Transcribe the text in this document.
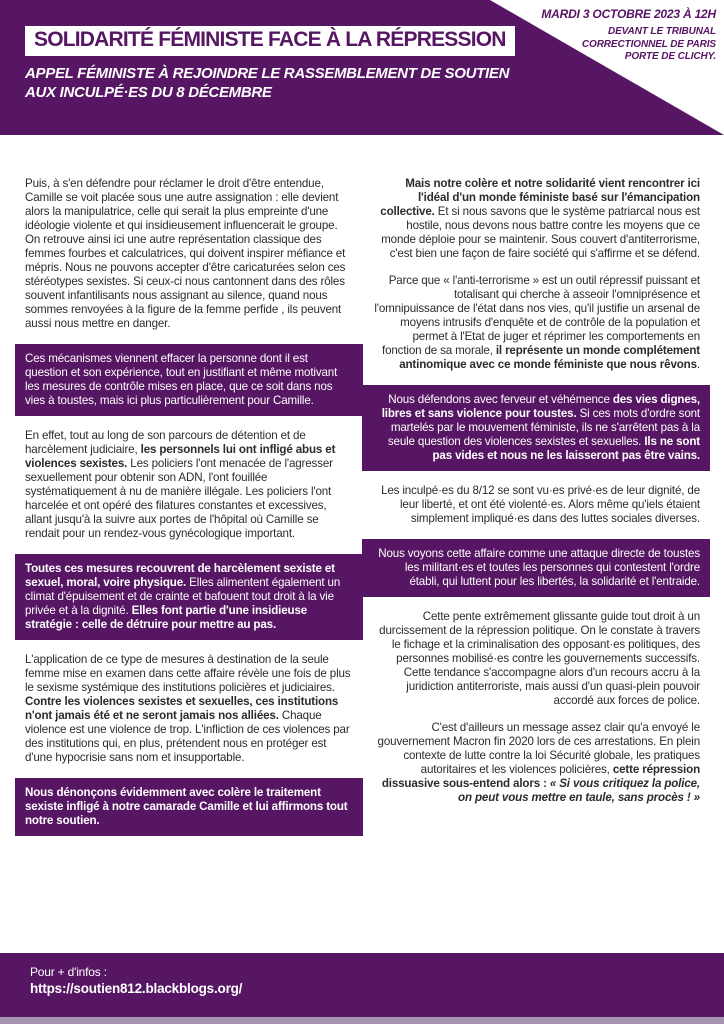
SOLIDARITÉ FÉMINISTE FACE À LA RÉPRESSION
APPEL FÉMINISTE À REJOINDRE LE RASSEMBLEMENT DE SOUTIEN
AUX INCULPÉ·ES DU 8 DÉCEMBRE
MARDI 3 OCTOBRE 2023 À 12H
DEVANT LE TRIBUNAL
CORRECTIONNEL DE PARIS
PORTE DE CLICHY.
Puis, à s'en défendre pour réclamer le droit d'être entendue, Camille se voit placée sous une autre assignation : elle devient alors la manipulatrice, celle qui serait la plus empreinte d'une idéologie violente et qui insidieusement influencerait le groupe. On retrouve ainsi ici une autre représentation classique des femmes fourbes et calculatrices, qui doivent inspirer méfiance et mépris. Nous ne pouvons accepter d'être caricaturées selon ces stéréotypes sexistes. Si ceux-ci nous cantonnent dans des rôles souvent infantilisants nous assignant au silence, quand nous sommes renvoyées à la figure de la femme perfide , ils peuvent aussi nous mettre en danger.
Ces mécanismes viennent effacer la personne dont il est question et son expérience, tout en justifiant et même motivant les mesures de contrôle mises en place, que ce soit dans nos vies à toustes, mais ici plus particulièrement pour Camille.
En effet, tout au long de son parcours de détention et de harcèlement judiciaire, les personnels lui ont infligé abus et violences sexistes. Les policiers l'ont menacée de l'agresser sexuellement pour obtenir son ADN, l'ont fouillée systématiquement à nu de manière illégale. Les policiers l'ont harcelée et ont opéré des filatures constantes et excessives, allant jusqu'à la suivre aux portes de l'hôpital où Camille se rendait pour un rendez-vous gynécologique important.
Toutes ces mesures recouvrent de harcèlement sexiste et sexuel, moral, voire physique. Elles alimentent également un climat d'épuisement et de crainte et bafouent tout droit à la vie privée et à la dignité. Elles font partie d'une insidieuse stratégie : celle de détruire pour mettre au pas.
L'application de ce type de mesures à destination de la seule femme mise en examen dans cette affaire révèle une fois de plus le sexisme systémique des institutions policières et judiciaires. Contre les violences sexistes et sexuelles, ces institutions n'ont jamais été et ne seront jamais nos alliées. Chaque violence est une violence de trop. L'infliction de ces violences par des institutions qui, en plus, prétendent nous en protéger est d'une hypocrisie sans nom et insupportable.
Nous dénonçons évidemment avec colère le traitement sexiste infligé à notre camarade Camille et lui affirmons tout notre soutien.
Mais notre colère et notre solidarité vient rencontrer ici l'idéal d'un monde féministe basé sur l'émancipation collective. Et si nous savons que le système patriarcal nous est hostile, nous devons nous battre contre les moyens que ce monde déploie pour se maintenir. Sous couvert d'antiterrorisme, c'est bien une façon de faire société qui s'affirme et se défend.
Parce que « l'anti-terrorisme » est un outil répressif puissant et totalisant qui cherche à asseoir l'omniprésence et l'omnipuissance de l'état dans nos vies, qu'il justifie un arsenal de moyens intrusifs d'enquête et de contrôle de la population et permet à l'Etat de juger et réprimer les comportements en fonction de sa morale, il représente un monde complétement antinomique avec ce monde féministe que nous rêvons.
Nous défendons avec ferveur et véhémence des vies dignes, libres et sans violence pour toustes. Si ces mots d'ordre sont martelés par le mouvement féministe, ils ne s'arrêtent pas à la seule question des violences sexistes et sexuelles. Ils ne sont pas vides et nous ne les laisseront pas être vains.
Les inculpé·es du 8/12 se sont vu·es privé·es de leur dignité, de leur liberté, et ont été violenté·es. Alors même qu'iels étaient simplement impliqué·es dans des luttes sociales diverses.
Nous voyons cette affaire comme une attaque directe de toustes les militant·es et toutes les personnes qui contestent l'ordre établi, qui luttent pour les libertés, la solidarité et l'entraide.
Cette pente extrêmement glissante guide tout droit à un durcissement de la répression politique. On le constate à travers le fichage et la criminalisation des opposant·es politiques, des personnes mobilisé·es contre les gouvernements successifs. Cette tendance s'accompagne alors d'un recours accru à la juridiction antiterroriste, mais aussi d'un quasi-plein pouvoir accordé aux forces de police.
C'est d'ailleurs un message assez clair qu'a envoyé le gouvernement Macron fin 2020 lors de ces arrestations. En plein contexte de lutte contre la loi Sécurité globale, les pratiques autoritaires et les violences policières, cette répression dissuasive sous-entend alors : « Si vous critiquez la police, on peut vous mettre en taule, sans procès ! »
Pour + d'infos :
https://soutien812.blackblogs.org/
